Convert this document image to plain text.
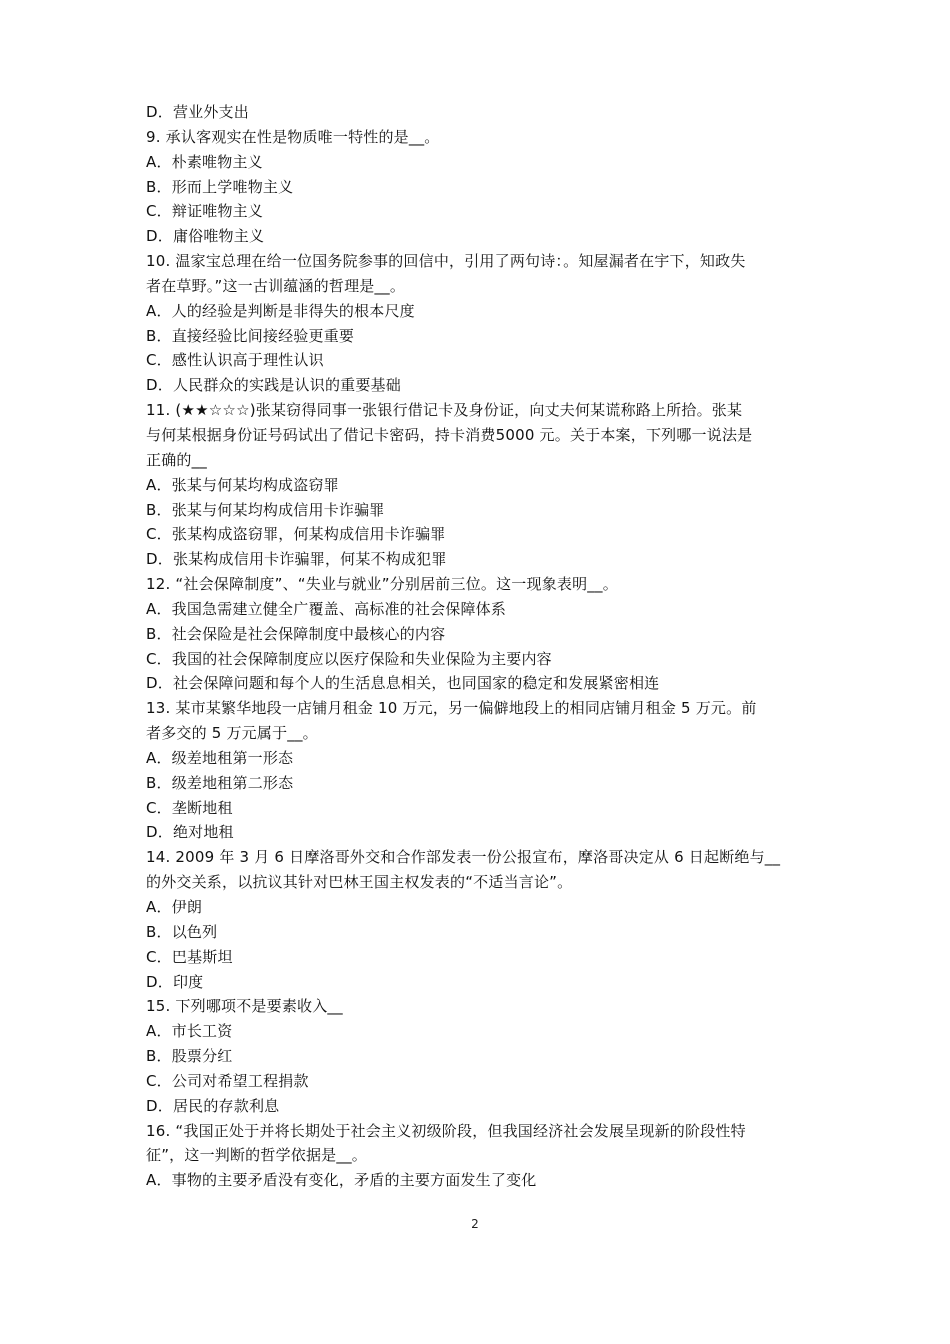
D．营业外支出
9. 承认客观实在性是物质唯一特性的是__。
A．朴素唯物主义
B．形而上学唯物主义
C．辩证唯物主义
D．庸俗唯物主义
10. 温家宝总理在给一位国务院参事的回信中，引用了两句诗：。知屋漏者在宇下，知政失
者在草野。”这一古训蕴涵的哲理是__。
A．人的经验是判断是非得失的根本尺度
B．直接经验比间接经验更重要
C．感性认识高于理性认识
D．人民群众的实践是认识的重要基础
11. (★★☆☆☆)张某窃得同事一张银行借记卡及身份证，向丈夫何某谎称路上所拾。张某
与何某根据身份证号码试出了借记卡密码，持卡消费5000 元。关于本案，下列哪一说法是
正确的__
A．张某与何某均构成盗窃罪
B．张某与何某均构成信用卡诈骗罪
C．张某构成盗窃罪，何某构成信用卡诈骗罪
D．张某构成信用卡诈骗罪，何某不构成犯罪
12. “社会保障制度”、“失业与就业”分别居前三位。这一现象表明__。
A．我国急需建立健全广覆盖、高标准的社会保障体系
B．社会保险是社会保障制度中最核心的内容
C．我国的社会保障制度应以医疗保险和失业保险为主要内容
D．社会保障问题和每个人的生活息息相关，也同国家的稳定和发展紧密相连
13. 某市某繁华地段一店铺月租金 10 万元，另一偏僻地段上的相同店铺月租金 5 万元。前
者多交的 5 万元属于__。
A．级差地租第一形态
B．级差地租第二形态
C．垄断地租
D．绝对地租
14. 2009 年 3 月 6 日摩洛哥外交和合作部发表一份公报宣布，摩洛哥决定从 6 日起断绝与__
的外交关系，以抗议其针对巴林王国主权发表的“不适当言论”。
A．伊朗
B．以色列
C．巴基斯坦
D．印度
15. 下列哪项不是要素收入__
A．市长工资
B．股票分红
C．公司对希望工程捐款
D．居民的存款利息
16. “我国正处于并将长期处于社会主义初级阶段，但我国经济社会发展呈现新的阶段性特
征”，这一判断的哲学依据是__。
A．事物的主要矛盾没有变化，矛盾的主要方面发生了变化
2
